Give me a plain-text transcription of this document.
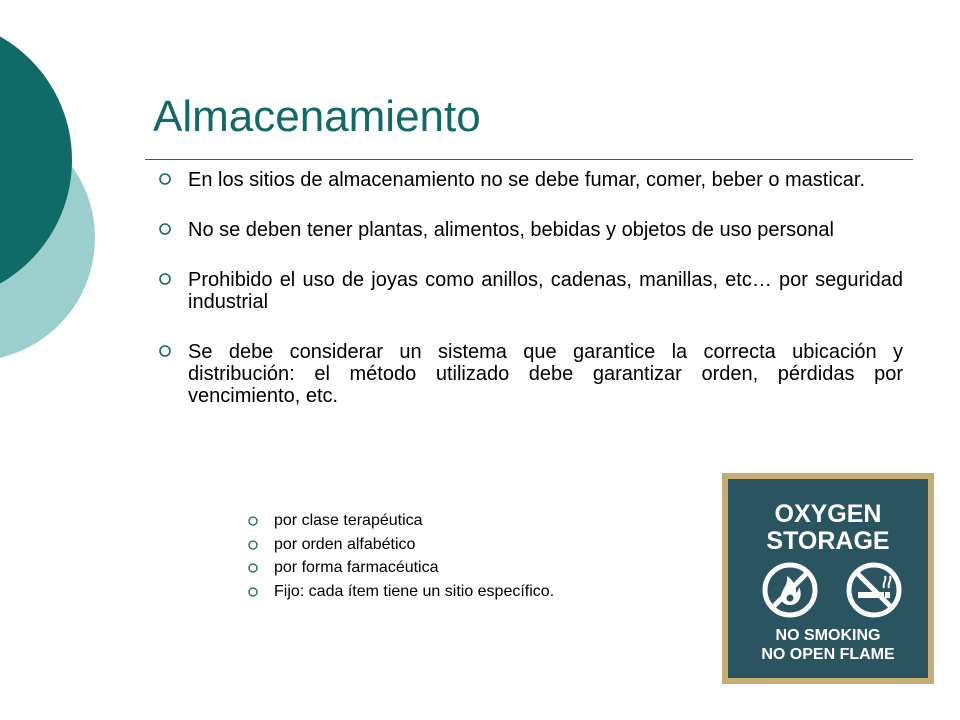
Almacenamiento
En los sitios de almacenamiento no se debe fumar, comer, beber o masticar.
No se deben tener plantas, alimentos, bebidas y objetos de uso personal
Prohibido el uso de joyas como anillos, cadenas, manillas, etc… por seguridad industrial
Se debe considerar un sistema que garantice la correcta ubicación y distribución: el método utilizado debe garantizar orden, pérdidas por vencimiento, etc.
por clase terapéutica
por orden alfabético
por forma farmacéutica
Fijo: cada ítem tiene un sitio específico.
OXYGEN
STORAGE
NO SMOKING
NO OPEN FLAME
